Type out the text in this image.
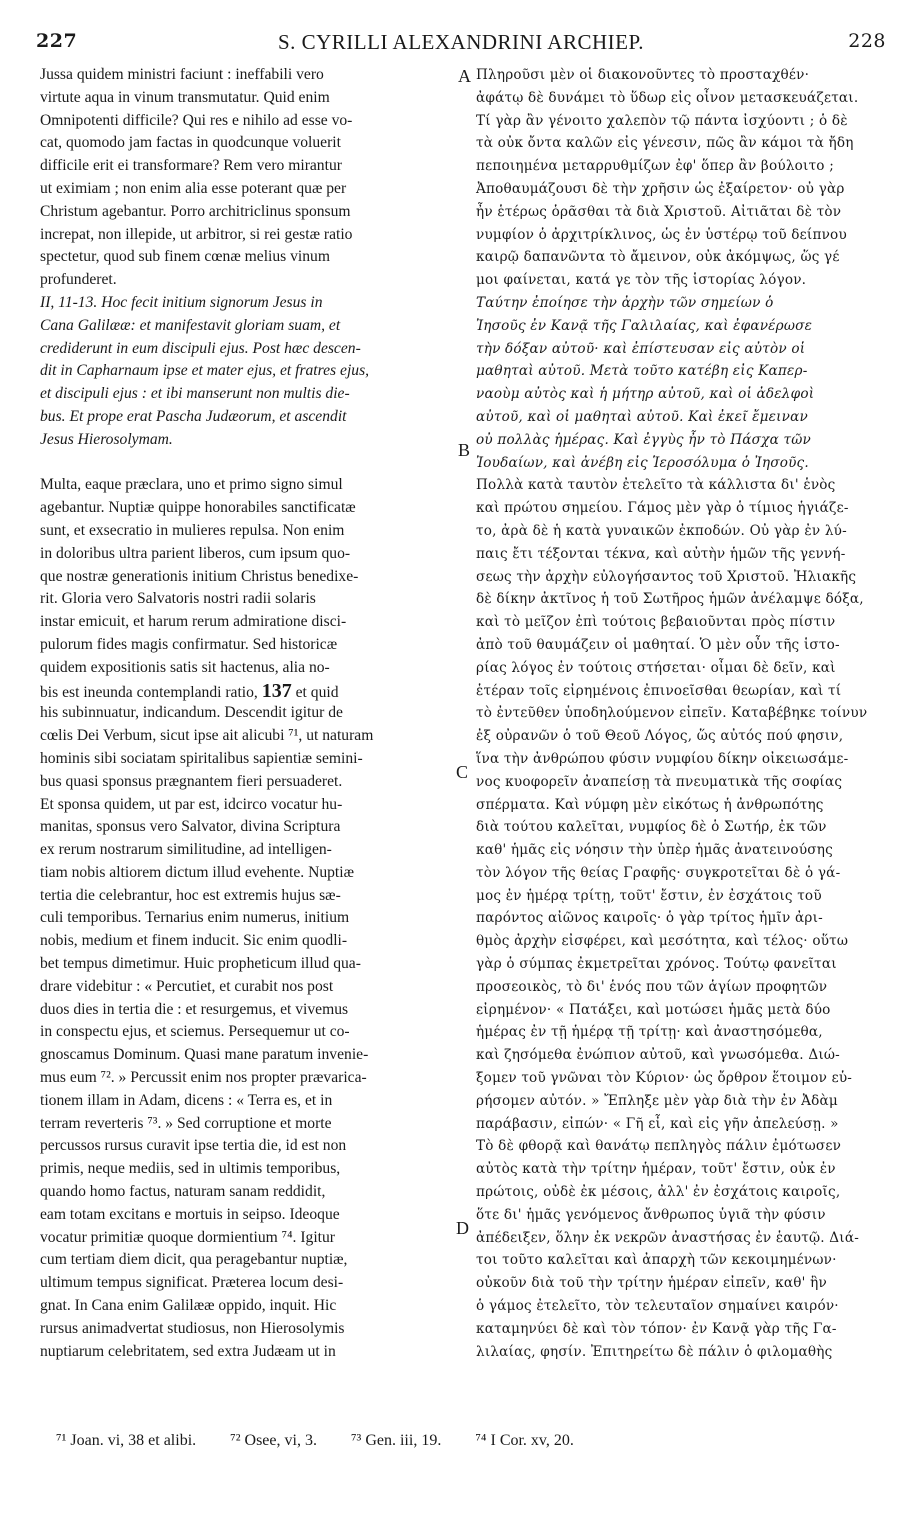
227	S. CYRILLI ALEXANDRINI ARCHIEP.	228
A
B
C
D

Jussa quidem ministri faciunt : ineffabili vero

virtute aqua in vinum transmutatur. Quid enim

Omnipotenti difficile? Qui res e nihilo ad esse vo-

cat, quomodo jam factas in quodcunque voluerit

difficile erit ei transformare? Rem vero mirantur

ut eximiam ; non enim alia esse poterant quæ per

Christum agebantur. Porro architriclinus sponsum

increpat, non illepide, ut arbitror, si rei gestæ ratio

spectetur, quod sub finem cœnæ melius vinum

profunderet.

II, 11-13. Hoc fecit initium signorum Jesus in

Cana Galilææ: et manifestavit gloriam suam, et

crediderunt in eum discipuli ejus. Post hæc descen-

dit in Capharnaum ipse et mater ejus, et fratres ejus,

et discipuli ejus : et ibi manserunt non multis die-

bus. Et prope erat Pascha Judæorum, et ascendit

Jesus Hierosolymam.

Multa, eaque præclara, uno et primo signo simul

agebantur. Nuptiæ quippe honorabiles sanctificatæ

sunt, et exsecratio in mulieres repulsa. Non enim

in doloribus ultra parient liberos, cum ipsum quo-

que nostræ generationis initium Christus benedixe-

rit. Gloria vero Salvatoris nostri radii solaris

instar emicuit, et harum rerum admiratione disci-

pulorum fides magis confirmatur. Sed historicæ

quidem expositionis satis sit hactenus, alia no-

bis est ineunda contemplandi ratio, 137 et quid

his subinnuatur, indicandum. Descendit igitur de

cœlis Dei Verbum, sicut ipse ait alicubi ⁷¹, ut naturam

hominis sibi sociatam spiritalibus sapientiæ semini-

bus quasi sponsus prægnantem fieri persuaderet.

Et sponsa quidem, ut par est, idcirco vocatur hu-

manitas, sponsus vero Salvator, divina Scriptura

ex rerum nostrarum similitudine, ad intelligen-

tiam nobis altiorem dictum illud evehente. Nuptiæ

tertia die celebrantur, hoc est extremis hujus sæ-

culi temporibus. Ternarius enim numerus, initium

nobis, medium et finem inducit. Sic enim quodli-

bet tempus dimetimur. Huic propheticum illud qua-

drare videbitur : « Percutiet, et curabit nos post

duos dies in tertia die : et resurgemus, et vivemus

in conspectu ejus, et sciemus. Persequemur ut co-

gnoscamus Dominum. Quasi mane paratum invenie-

mus eum ⁷². » Percussit enim nos propter prævarica-

tionem illam in Adam, dicens : « Terra es, et in

terram reverteris ⁷³. » Sed corruptione et morte

percussos rursus curavit ipse tertia die, id est non

primis, neque mediis, sed in ultimis temporibus,

quando homo factus, naturam sanam reddidit,

eam totam excitans e mortuis in seipso. Ideoque

vocatur primitiæ quoque dormientium ⁷⁴. Igitur

cum tertiam diem dicit, qua peragebantur nuptiæ,

ultimum tempus significat. Præterea locum desi-

gnat. In Cana enim Galilææ oppido, inquit. Hic

rursus animadvertat studiosus, non Hierosolymis

nuptiarum celebritatem, sed extra Judæam ut in

Πληροῦσι μὲν οἱ διακονοῦντες τὸ προσταχθέν·

ἀφάτῳ δὲ δυνάμει τὸ ὕδωρ εἰς οἶνον μετασκευάζεται.

Τί γὰρ ἂν γένοιτο χαλεπὸν τῷ πάντα ἰσχύοντι ; ὁ δὲ

τὰ οὐκ ὄντα καλῶν εἰς γένεσιν, πῶς ἂν κάμοι τὰ ἤδη

πεποιημένα μεταρρυθμίζων ἐφ' ὅπερ ἂν βούλοιτο ;

Ἀποθαυμάζουσι δὲ τὴν χρῆσιν ὡς ἐξαίρετον· οὐ γὰρ

ἦν ἑτέρως ὁρᾶσθαι τὰ διὰ Χριστοῦ. Αἰτιᾶται δὲ τὸν

νυμφίον ὁ ἀρχιτρίκλινος, ὡς ἐν ὑστέρῳ τοῦ δείπνου

καιρῷ δαπανῶντα τὸ ἄμεινον, οὐκ ἀκόμψως, ὥς γέ

μοι φαίνεται, κατά γε τὸν τῆς ἱστορίας λόγον.

Ταύτην ἐποίησε τὴν ἀρχὴν τῶν σημείων ὁ

Ἰησοῦς ἐν Κανᾷ τῆς Γαλιλαίας, καὶ ἐφανέρωσε

τὴν δόξαν αὐτοῦ· καὶ ἐπίστευσαν εἰς αὐτὸν οἱ

μαθηταὶ αὐτοῦ. Μετὰ τοῦτο κατέβη εἰς Καπερ-

ναοὺμ αὐτὸς καὶ ἡ μήτηρ αὐτοῦ, καὶ οἱ ἀδελφοὶ

αὐτοῦ, καὶ οἱ μαθηταὶ αὐτοῦ. Καὶ ἐκεῖ ἔμειναν

οὐ πολλὰς ἡμέρας. Καὶ ἐγγὺς ἦν τὸ Πάσχα τῶν

Ἰουδαίων, καὶ ἀνέβη εἰς Ἱεροσόλυμα ὁ Ἰησοῦς.

Πολλὰ κατὰ ταυτὸν ἐτελεῖτο τὰ κάλλιστα δι' ἑνὸς

καὶ πρώτου σημείου. Γάμος μὲν γὰρ ὁ τίμιος ἡγιάζε-

το, ἀρὰ δὲ ἡ κατὰ γυναικῶν ἐκποδών. Οὐ γὰρ ἐν λύ-

παις ἔτι τέξονται τέκνα, καὶ αὐτὴν ἡμῶν τῆς γεννή-

σεως τὴν ἀρχὴν εὐλογήσαντος τοῦ Χριστοῦ. Ἠλιακῆς

δὲ δίκην ἀκτῖνος ἡ τοῦ Σωτῆρος ἡμῶν ἀνέλαμψε δόξα,

καὶ τὸ μεῖζον ἐπὶ τούτοις βεβαιοῦνται πρὸς πίστιν

ἀπὸ τοῦ θαυμάζειν οἱ μαθηταί. Ὁ μὲν οὖν τῆς ἱστο-

ρίας λόγος ἐν τούτοις στήσεται· οἶμαι δὲ δεῖν, καὶ

ἑτέραν τοῖς εἰρημένοις ἐπινοεῖσθαι θεωρίαν, καὶ τί

τὸ ἐντεῦθεν ὑποδηλούμενον εἰπεῖν. Καταβέβηκε τοίνυν

ἐξ οὐρανῶν ὁ τοῦ Θεοῦ Λόγος, ὥς αὐτός πού φησιν,

ἵνα τὴν ἀνθρώπου φύσιν νυμφίου δίκην οἰκειωσάμε-

νος κυοφορεῖν ἀναπείσῃ τὰ πνευματικὰ τῆς σοφίας

σπέρματα. Καὶ νύμφη μὲν εἰκότως ἡ ἀνθρωπότης

διὰ τούτου καλεῖται, νυμφίος δὲ ὁ Σωτήρ, ἐκ τῶν

καθ' ἡμᾶς εἰς νόησιν τὴν ὑπὲρ ἡμᾶς ἀνατεινούσης

τὸν λόγον τῆς θείας Γραφῆς· συγκροτεῖται δὲ ὁ γά-

μος ἐν ἡμέρᾳ τρίτῃ, τοῦτ' ἔστιν, ἐν ἐσχάτοις τοῦ

παρόντος αἰῶνος καιροῖς· ὁ γὰρ τρίτος ἡμῖν ἀρι-

θμὸς ἀρχὴν εἰσφέρει, καὶ μεσότητα, καὶ τέλος· οὕτω

γὰρ ὁ σύμπας ἐκμετρεῖται χρόνος. Τούτῳ φανεῖται

προσεοικὸς, τὸ δι' ἑνός που τῶν ἁγίων προφητῶν

εἰρημένον· « Πατάξει, καὶ μοτώσει ἡμᾶς μετὰ δύο

ἡμέρας ἐν τῇ ἡμέρᾳ τῇ τρίτῃ· καὶ ἀναστησόμεθα,

καὶ ζησόμεθα ἐνώπιον αὐτοῦ, καὶ γνωσόμεθα. Διώ-

ξομεν τοῦ γνῶναι τὸν Κύριον· ὡς ὄρθρον ἕτοιμον εὑ-

ρήσομεν αὐτόν. » Ἔπληξε μὲν γὰρ διὰ τὴν ἐν Ἀδὰμ

παράβασιν, εἰπών· « Γῆ εἶ, καὶ εἰς γῆν ἀπελεύσῃ. »

Τὸ δὲ φθορᾷ καὶ θανάτῳ πεπληγὸς πάλιν ἐμότωσεν

αὐτὸς κατὰ τὴν τρίτην ἡμέραν, τοῦτ' ἔστιν, οὐκ ἐν

πρώτοις, οὐδὲ ἐκ μέσοις, ἀλλ' ἐν ἐσχάτοις καιροῖς,

ὅτε δι' ἡμᾶς γενόμενος ἄνθρωπος ὑγιᾶ τὴν φύσιν

ἀπέδειξεν, ὅλην ἐκ νεκρῶν ἀναστήσας ἐν ἑαυτῷ. Διά-

τοι τοῦτο καλεῖται καὶ ἀπαρχὴ τῶν κεκοιμημένων·

οὐκοῦν διὰ τοῦ τὴν τρίτην ἡμέραν εἰπεῖν, καθ' ἣν

ὁ γάμος ἐτελεῖτο, τὸν τελευταῖον σημαίνει καιρόν·

καταμηνύει δὲ καὶ τὸν τόπον· ἐν Κανᾷ γὰρ τῆς Γα-

λιλαίας, φησίν. Ἐπιτηρείτω δὲ πάλιν ὁ φιλομαθὴς

⁷¹ Joan. vi, 38 et alibi. ⁷² Osee, vi, 3. ⁷³ Gen. iii, 19. ⁷⁴ I Cor. xv, 20.
